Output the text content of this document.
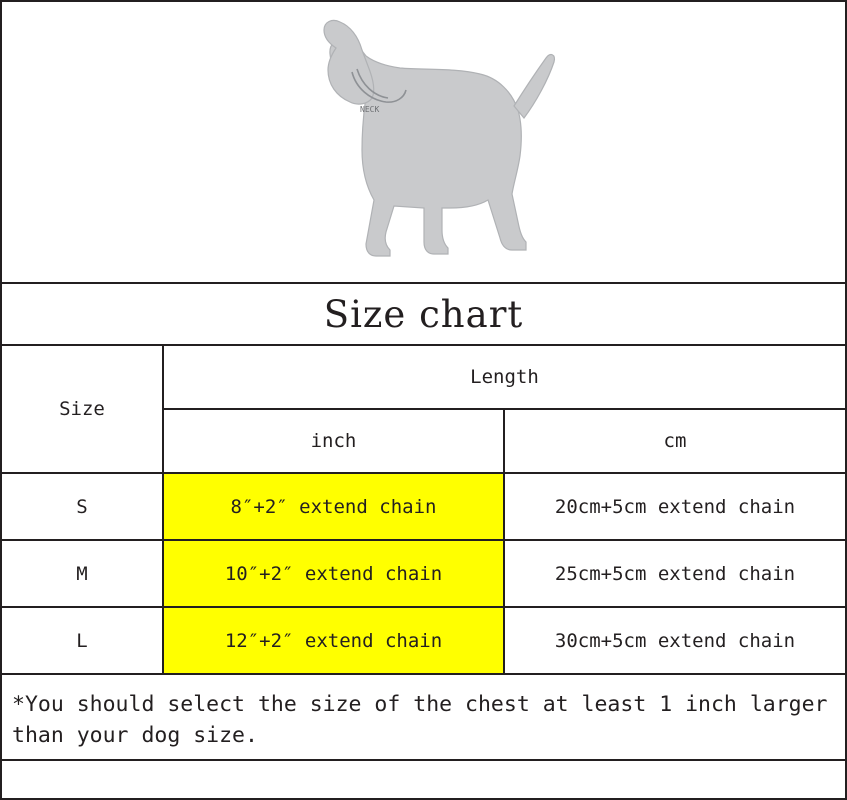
NECK
Size chart
Size	Length	
	inch	cm
S	8″+2″ extend chain	20cm+5cm extend chain
M	10″+2″ extend chain	25cm+5cm extend chain
L	12″+2″ extend chain	30cm+5cm extend chain

*You should select the size of the chest at least 1 inch larger than your dog size.
